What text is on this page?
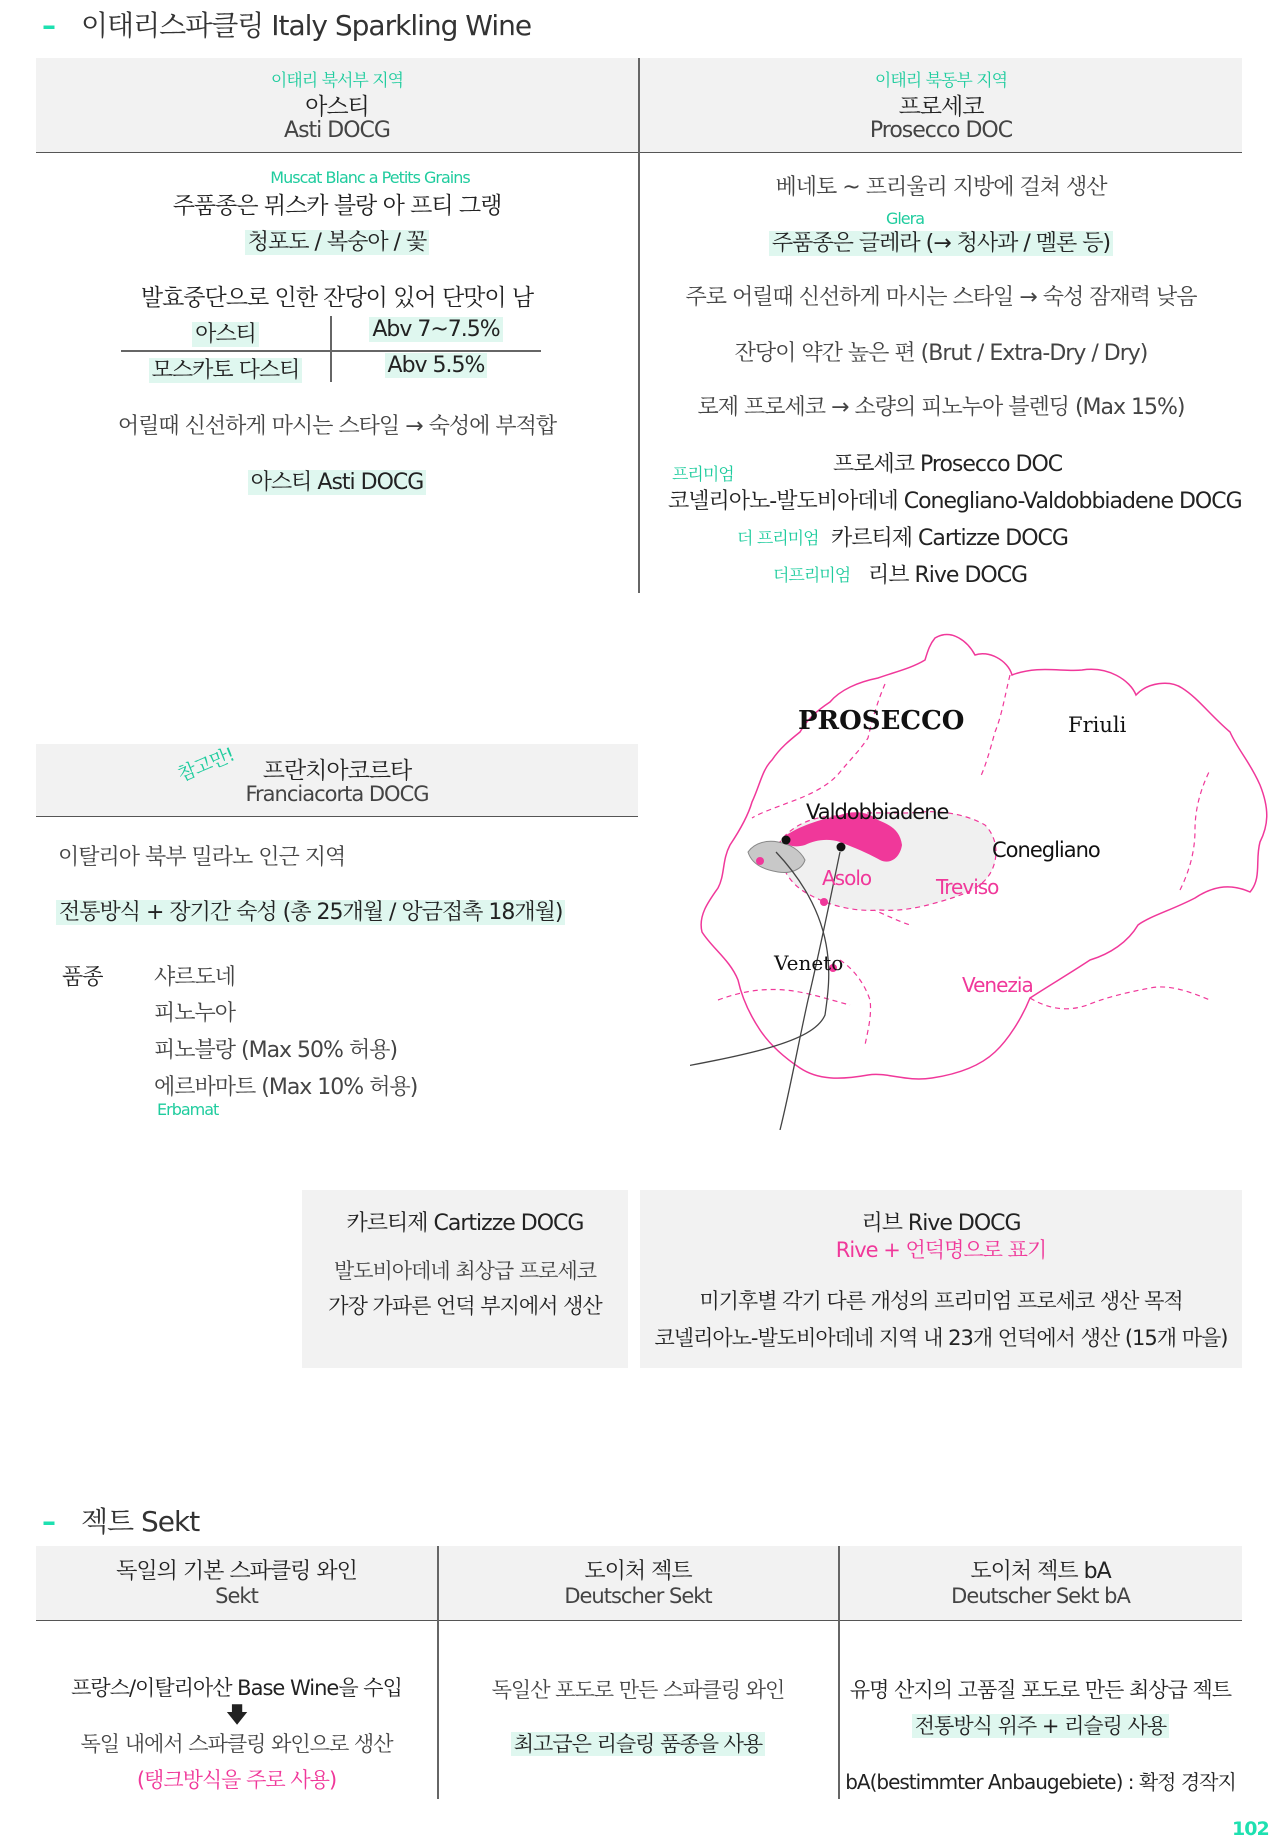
– 이태리스파클링 Italy Sparkling Wine
이태리 북서부 지역
아스티
Asti DOCG
이태리 북동부 지역
프로세코
Prosecco DOC
Muscat Blanc a Petits Grains
주품종은 뮈스카 블랑 아 프티 그랭
청포도 / 복숭아 / 꽃
발효중단으로 인한 잔당이 있어 단맛이 남
아스티	Abv 7~7.5%
모스카토 다스티	Abv 5.5%
어릴때 신선하게 마시는 스타일 → 숙성에 부적합
아스티 Asti DOCG
베네토 ~ 프리울리 지방에 걸쳐 생산
Glera
주품종은 글레라 (→ 청사과 / 멜론 등)
주로 어릴때 신선하게 마시는 스타일 → 숙성 잠재력 낮음
잔당이 약간 높은 편 (Brut / Extra-Dry / Dry)
로제 프로세코 → 소량의 피노누아 블렌딩 (Max 15%)
프로세코 Prosecco DOC
프리미엄
코넬리아노-발도비아데네 Conegliano-Valdobbiadene DOCG
더 프리미엄 카르티제 Cartizze DOCG
더프리미엄 리브 Rive DOCG
참고만!	프란치아코르타
Franciacorta DOCG
이탈리아 북부 밀라노 인근 지역
전통방식 + 장기간 숙성 (총 25개월 / 앙금접촉 18개월)
품종 샤르도네
피노누아
피노블랑 (Max 50% 허용)
에르바마트 (Max 10% 허용)
Erbamat
PROSECCO	Friuli
Valdobbiadene
Conegliano
Asolo	Treviso
Veneto
Venezia
카르티제 Cartizze DOCG
발도비아데네 최상급 프로세코
가장 가파른 언덕 부지에서 생산
리브 Rive DOCG
Rive + 언덕명으로 표기
미기후별 각기 다른 개성의 프리미엄 프로세코 생산 목적
코넬리아노-발도비아데네 지역 내 23개 언덕에서 생산 (15개 마을)
– 젝트 Sekt
독일의 기본 스파클링 와인
Sekt
도이처 젝트
Deutscher Sekt
도이처 젝트 bA
Deutscher Sekt bA
프랑스/이탈리아산 Base Wine을 수입
🡇
독일 내에서 스파클링 와인으로 생산
(탱크방식을 주로 사용)
독일산 포도로 만든 스파클링 와인
최고급은 리슬링 품종을 사용
유명 산지의 고품질 포도로 만든 최상급 젝트
전통방식 위주 + 리슬링 사용
bA(bestimmter Anbaugebiete) : 확정 경작지
102
